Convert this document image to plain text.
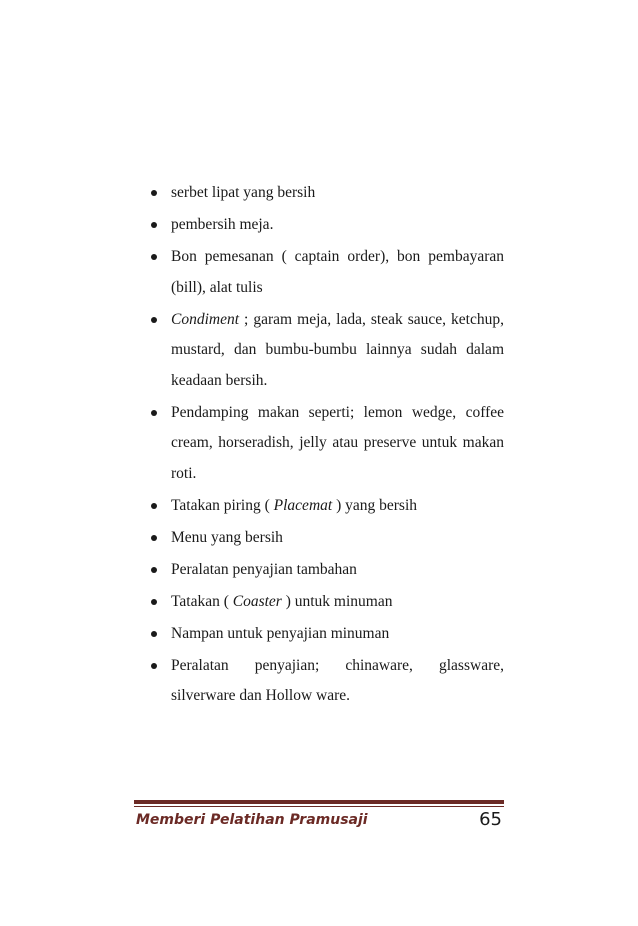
serbet lipat yang bersih
pembersih meja.
Bon pemesanan ( captain order), bon pembayaran (bill), alat tulis
Condiment ; garam meja, lada, steak sauce, ketchup, mustard, dan bumbu-bumbu lainnya sudah dalam keadaan bersih.
Pendamping makan seperti; lemon wedge, coffee cream, horseradish, jelly atau preserve untuk makan roti.
Tatakan piring ( Placemat ) yang bersih
Menu yang bersih
Peralatan penyajian tambahan
Tatakan ( Coaster ) untuk minuman
Nampan untuk penyajian minuman
Peralatan penyajian; chinaware, glassware, silverware dan Hollow ware.
Memberi Pelatihan Pramusaji	65
